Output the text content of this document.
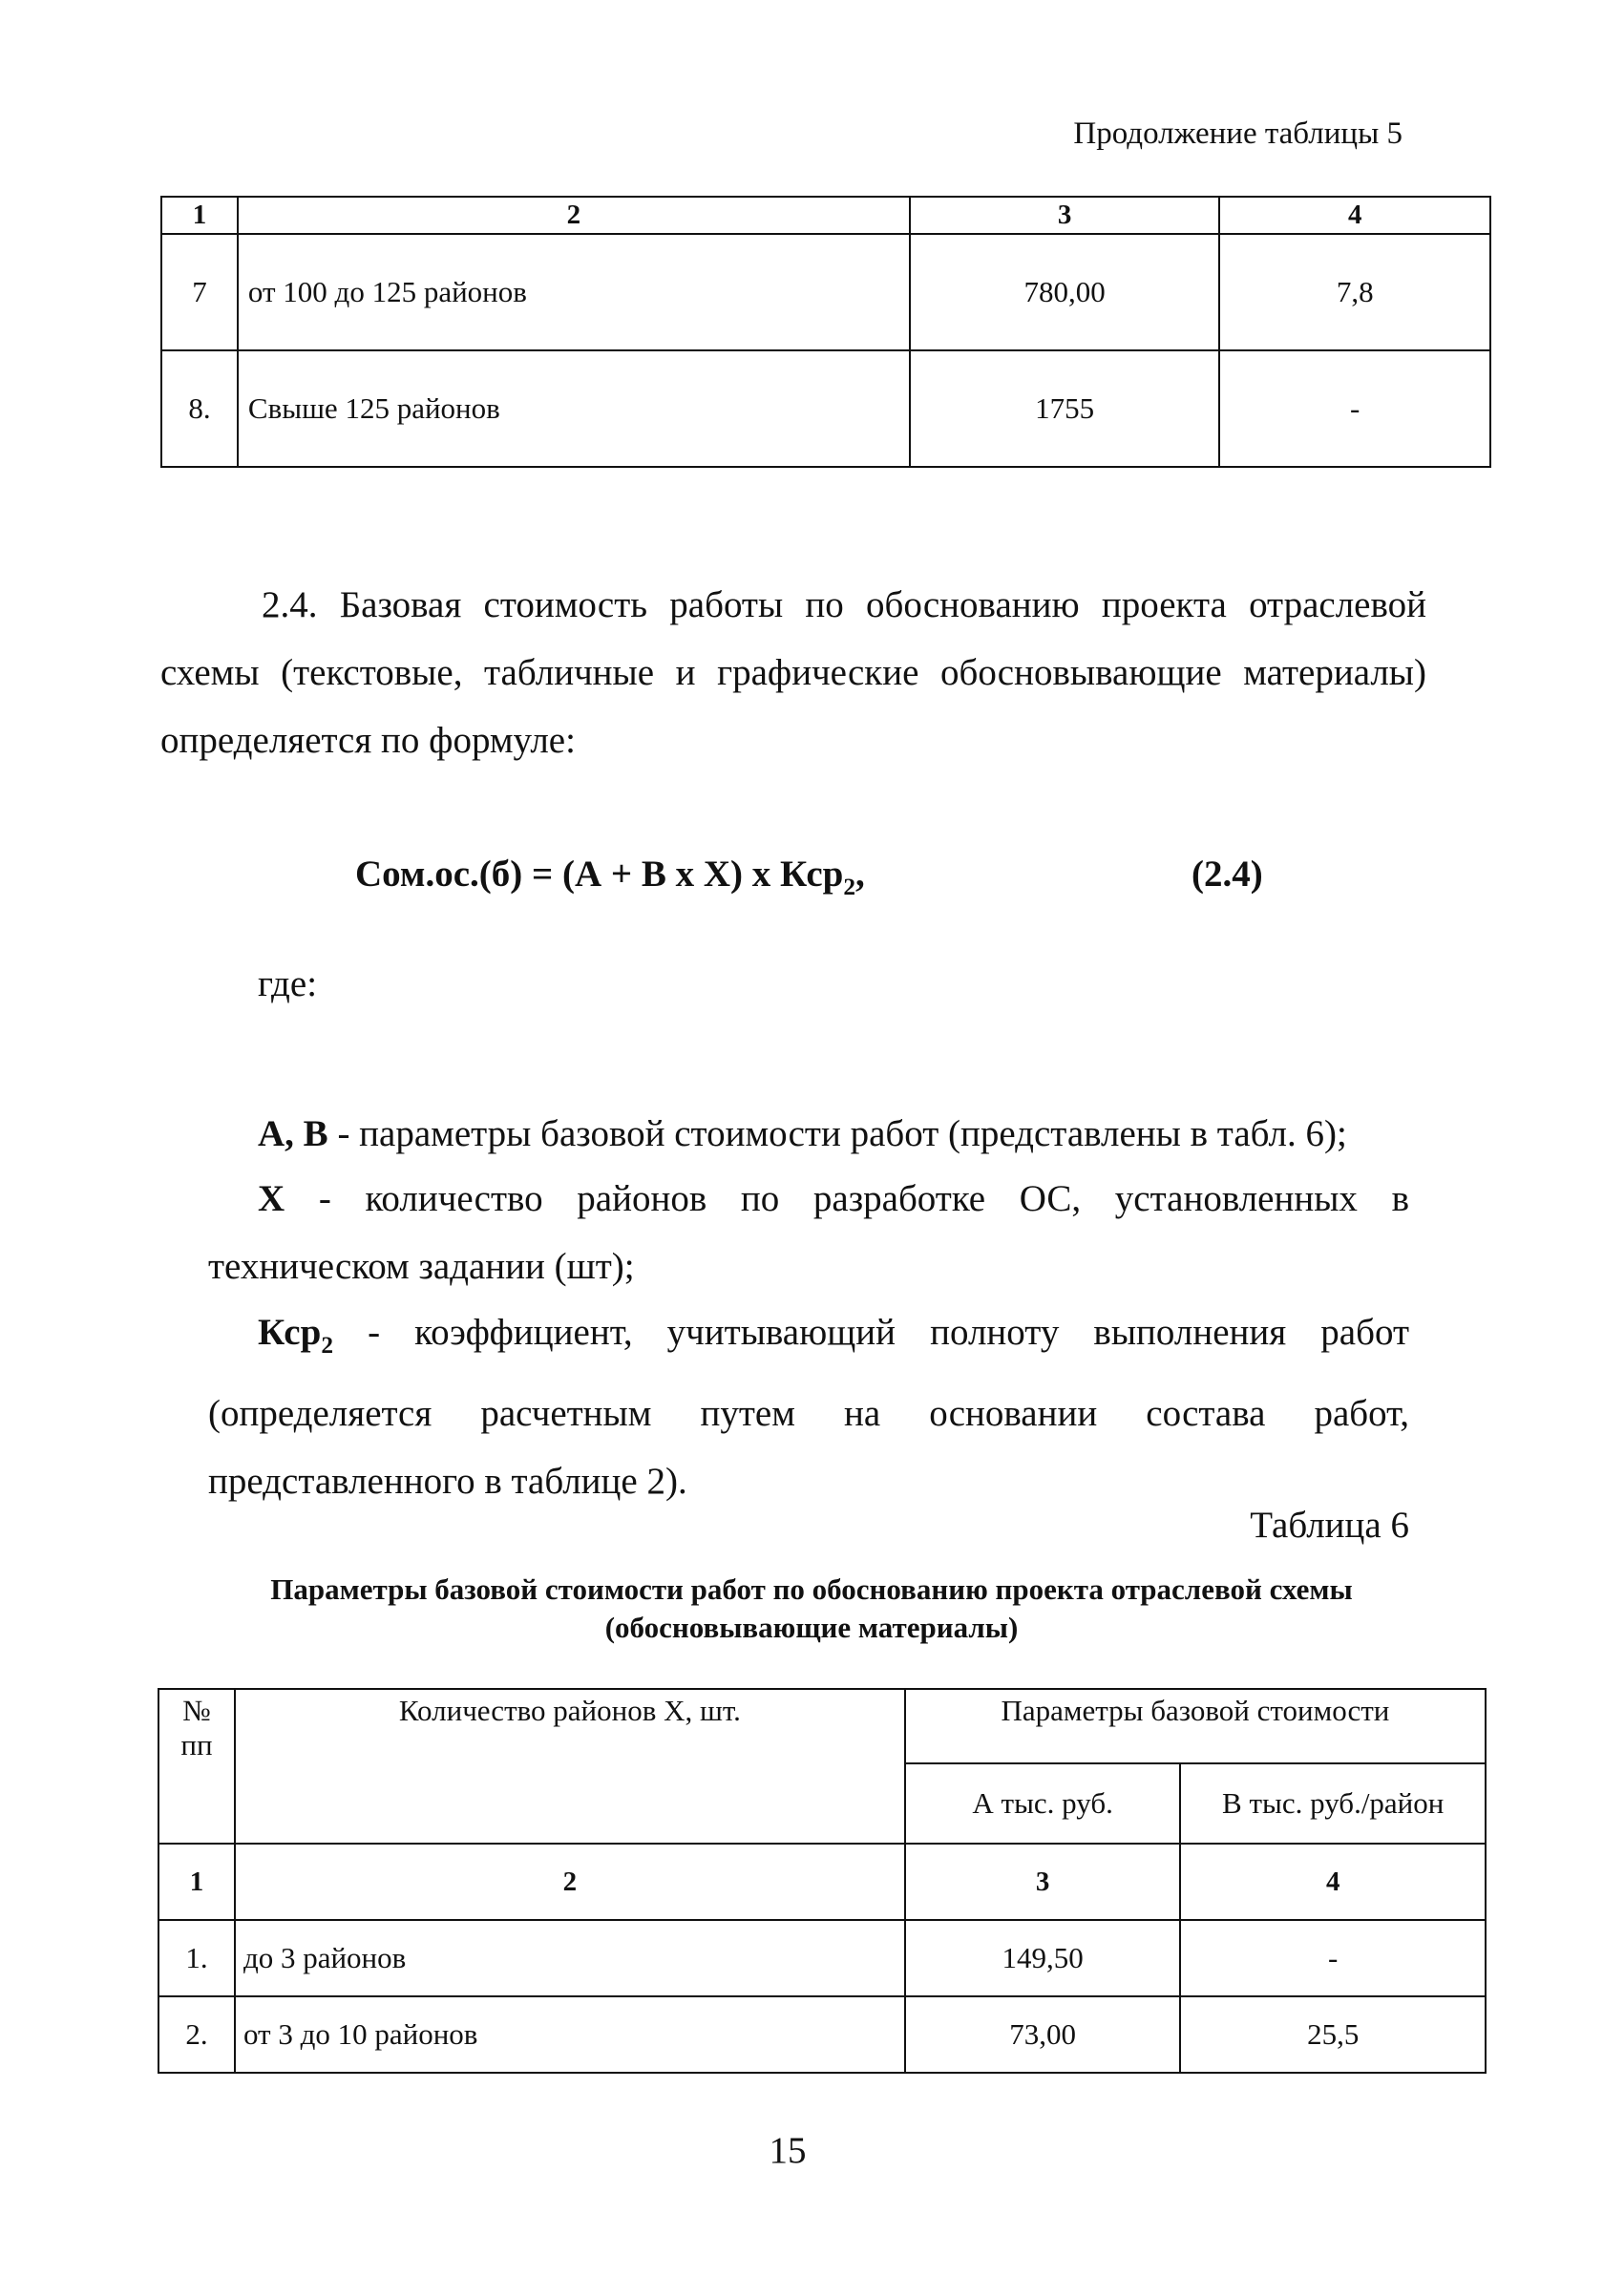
Продолжение таблицы 5
1	2	3	4
7	от 100 до 125 районов	780,00	7,8
8.	Свыше 125 районов	1755	-
2.4. Базовая стоимость работы по обоснованию проекта отраслевой схемы (текстовые, табличные и графические обосновывающие материалы) определяется по формуле:
Сом.ос.(б) = (А + В х Х) х Кср$_2$,	(2.4)
где:
А, В - параметры базовой стоимости работ (представлены в табл. 6);
Х - количество районов по разработке ОС, установленных в техническом задании (шт);
Кср$_2$ - коэффициент, учитывающий полноту выполнения работ (определяется расчетным путем на основании состава работ, представленного в таблице 2).
Таблица 6
Параметры базовой стоимости работ по обоснованию проекта отраслевой схемы (обосновывающие материалы)
№ пп	Количество районов Х, шт.	Параметры базовой стоимости	
		А тыс. руб.	В тыс. руб./район
1	2	3	4
1.	до 3 районов	149,50	-
2.	от 3 до 10 районов	73,00	25,5
15
